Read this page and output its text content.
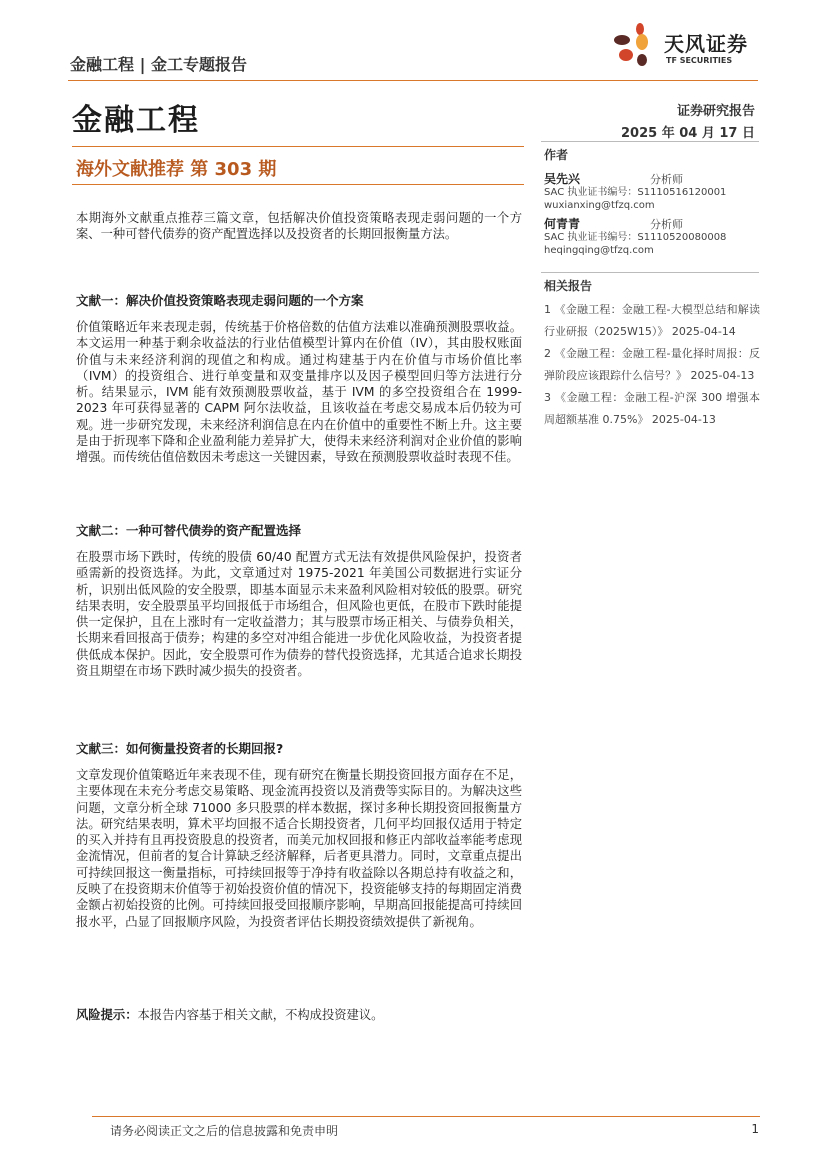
金融工程 | 金工专题报告
天风证券
TF SECURITIES
金融工程	证券研究报告
2025 年 04 月 17 日
海外文献推荐 第 303 期
作者
吴先兴	分析师
SAC 执业证书编号：S1110516120001
wuxianxing@tfzq.com
何青青	分析师
SAC 执业证书编号：S1110520080008
heqingqing@tfzq.com
相关报告
1 《金融工程：金融工程-大模型总结和解读行业研报（2025W15）》 2025-04-14
2 《金融工程：金融工程-量化择时周报：反弹阶段应该跟踪什么信号？》 2025-04-13
3 《金融工程：金融工程-沪深 300 增强本周超额基准 0.75%》 2025-04-13
本期海外文献重点推荐三篇文章，包括解决价值投资策略表现走弱问题的一个方案、一种可替代债券的资产配置选择以及投资者的长期回报衡量方法。
文献一：解决价值投资策略表现走弱问题的一个方案
价值策略近年来表现走弱，传统基于价格倍数的估值方法难以准确预测股票收益。本文运用一种基于剩余收益法的行业估值模型计算内在价值（IV），其由股权账面价值与未来经济利润的现值之和构成。通过构建基于内在价值与市场价值比率（IVM）的投资组合、进行单变量和双变量排序以及因子模型回归等方法进行分析。结果显示，IVM 能有效预测股票收益，基于 IVM 的多空投资组合在 1999-2023 年可获得显著的 CAPM 阿尔法收益，且该收益在考虑交易成本后仍较为可观。进一步研究发现，未来经济利润信息在内在价值中的重要性不断上升。这主要是由于折现率下降和企业盈利能力差异扩大，使得未来经济利润对企业价值的影响增强。而传统估值倍数因未考虑这一关键因素，导致在预测股票收益时表现不佳。
文献二：一种可替代债券的资产配置选择
在股票市场下跌时，传统的股债 60/40 配置方式无法有效提供风险保护，投资者亟需新的投资选择。为此，文章通过对 1975-2021 年美国公司数据进行实证分析，识别出低风险的安全股票，即基本面显示未来盈利风险相对较低的股票。研究结果表明，安全股票虽平均回报低于市场组合，但风险也更低，在股市下跌时能提供一定保护，且在上涨时有一定收益潜力；其与股票市场正相关、与债券负相关，长期来看回报高于债券；构建的多空对冲组合能进一步优化风险收益，为投资者提供低成本保护。因此，安全股票可作为债券的替代投资选择，尤其适合追求长期投资且期望在市场下跌时减少损失的投资者。
文献三：如何衡量投资者的长期回报?
文章发现价值策略近年来表现不佳，现有研究在衡量长期投资回报方面存在不足，主要体现在未充分考虑交易策略、现金流再投资以及消费等实际目的。为解决这些问题，文章分析全球 71000 多只股票的样本数据，探讨多种长期投资回报衡量方法。研究结果表明，算术平均回报不适合长期投资者，几何平均回报仅适用于特定的买入并持有且再投资股息的投资者，而美元加权回报和修正内部收益率能考虑现金流情况，但前者的复合计算缺乏经济解释，后者更具潜力。同时，文章重点提出可持续回报这一衡量指标，可持续回报等于净持有收益除以各期总持有收益之和，反映了在投资期末价值等于初始投资价值的情况下，投资能够支持的每期固定消费金额占初始投资的比例。可持续回报受回报顺序影响，早期高回报能提高可持续回报水平，凸显了回报顺序风险，为投资者评估长期投资绩效提供了新视角。
风险提示：本报告内容基于相关文献，不构成投资建议。
请务必阅读正文之后的信息披露和免责申明	1
